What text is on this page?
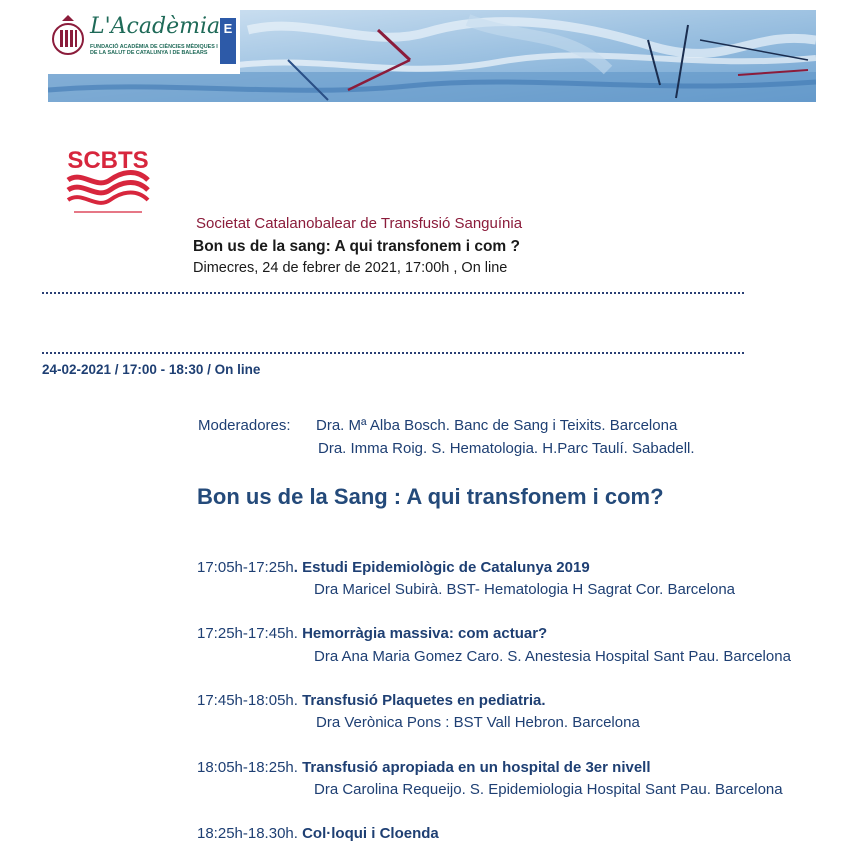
L'Acadèmia
FUNDACIÓ ACADÈMIA DE CIÈNCIES MÈDIQUES I DE LA SALUT DE CATALUNYA I DE BALEARS
E
SCBTS
Societat Catalanobalear de Transfusió Sanguínia
Bon us de la sang: A qui transfonem i com ?
Dimecres, 24 de febrer de 2021, 17:00h , On line
24-02-2021 / 17:00 - 18:30 / On line
Moderadores: Dra. Mª Alba Bosch. Banc de Sang i Teixits. Barcelona
Dra. Imma Roig. S. Hematologia. H.Parc Taulí. Sabadell.
Bon us de la Sang : A qui transfonem i com?
17:05h-17:25h. Estudi Epidemiològic de Catalunya 2019
Dra Maricel Subirà. BST- Hematologia H Sagrat Cor. Barcelona
17:25h-17:45h. Hemorràgia massiva: com actuar?
Dra Ana Maria Gomez Caro. S. Anestesia Hospital Sant Pau. Barcelona
17:45h-18:05h. Transfusió Plaquetes en pediatria.
Dra Verònica Pons : BST Vall Hebron. Barcelona
18:05h-18:25h. Transfusió apropiada en un hospital de 3er nivell
Dra Carolina Requeijo. S. Epidemiologia Hospital Sant Pau. Barcelona
18:25h-18.30h. Col·loqui i Cloenda
